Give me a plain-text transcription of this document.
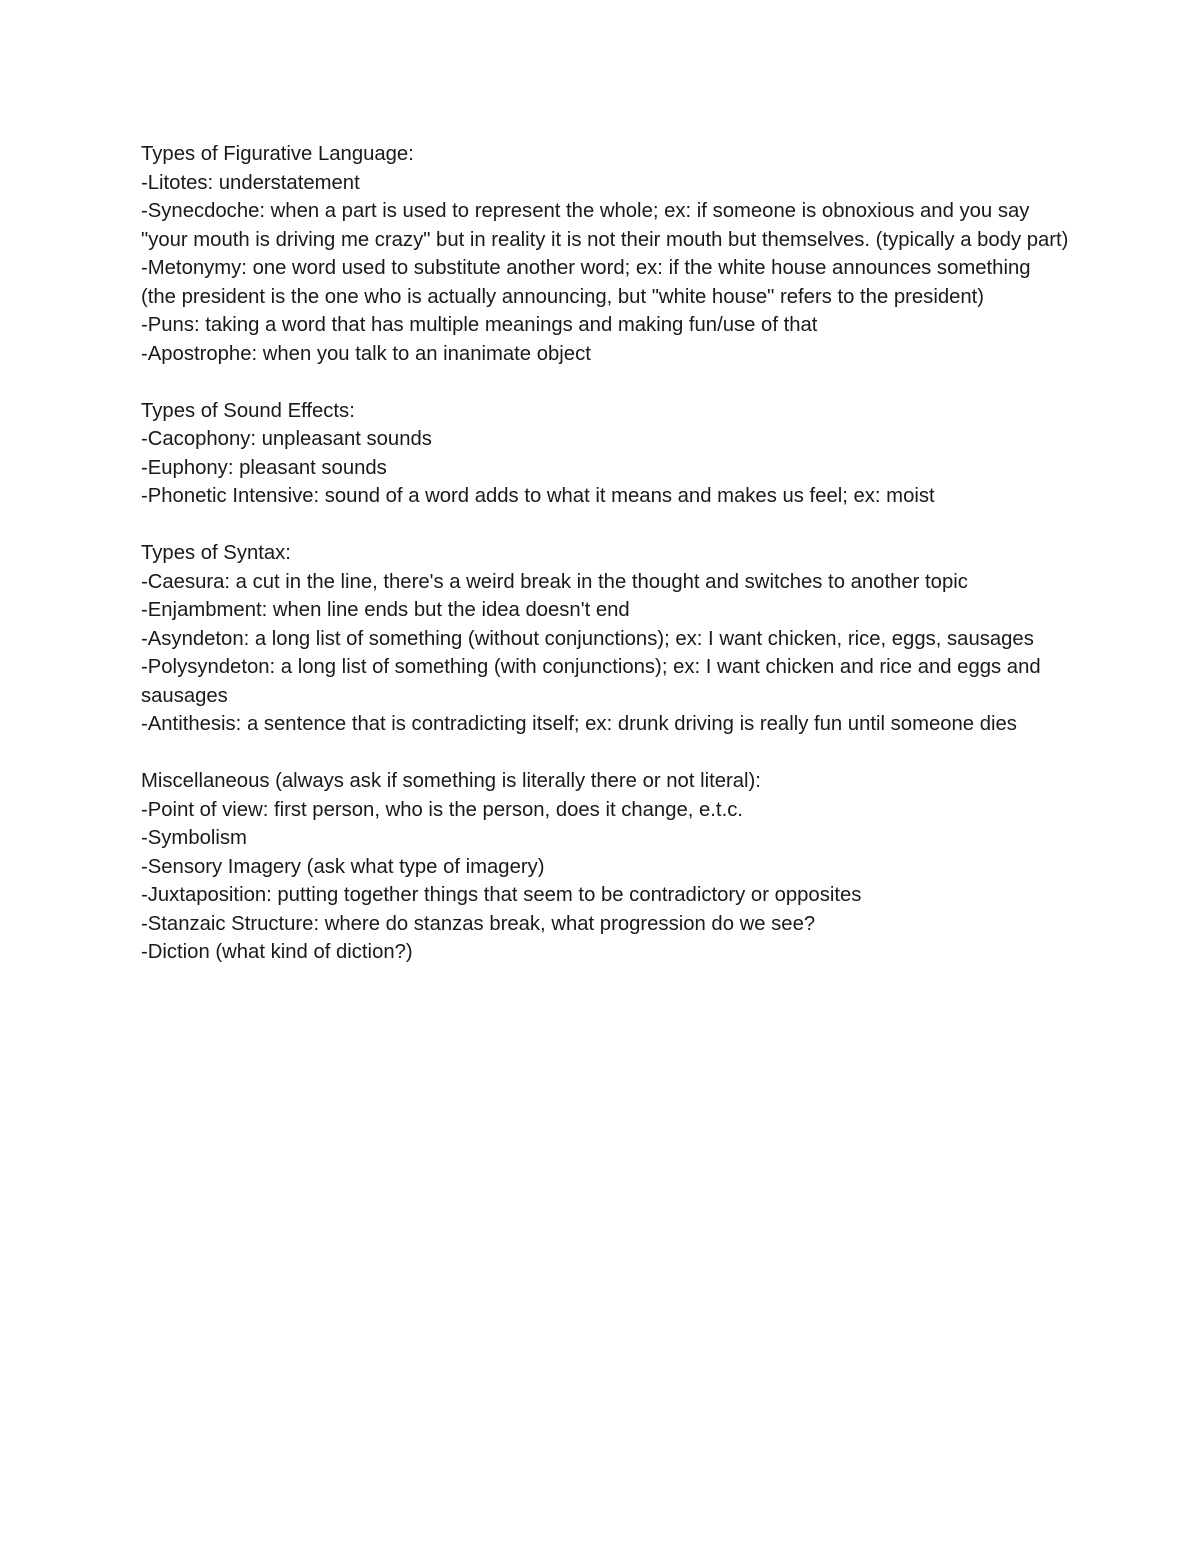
Types of Figurative Language:

-Litotes: understatement

-Synecdoche: when a part is used to represent the whole; ex: if someone is obnoxious and you say "your mouth is driving me crazy" but in reality it is not their mouth but themselves. (typically a body part)

-Metonymy: one word used to substitute another word; ex: if the white house announces something (the president is the one who is actually announcing, but "white house" refers to the president)

-Puns: taking a word that has multiple meanings and making fun/use of that

-Apostrophe: when you talk to an inanimate object

Types of Sound Effects:

-Cacophony: unpleasant sounds

-Euphony: pleasant sounds

-Phonetic Intensive: sound of a word adds to what it means and makes us feel; ex: moist

Types of Syntax:

-Caesura: a cut in the line, there's a weird break in the thought and switches to another topic

-Enjambment: when line ends but the idea doesn't end

-Asyndeton: a long list of something (without conjunctions); ex: I want chicken, rice, eggs, sausages

-Polysyndeton: a long list of something (with conjunctions); ex: I want chicken and rice and eggs and sausages

-Antithesis: a sentence that is contradicting itself; ex: drunk driving is really fun until someone dies

Miscellaneous (always ask if something is literally there or not literal):

-Point of view: first person, who is the person, does it change, e.t.c.

-Symbolism

-Sensory Imagery (ask what type of imagery)

-Juxtaposition: putting together things that seem to be contradictory or opposites

-Stanzaic Structure: where do stanzas break, what progression do we see?

-Diction (what kind of diction?)
